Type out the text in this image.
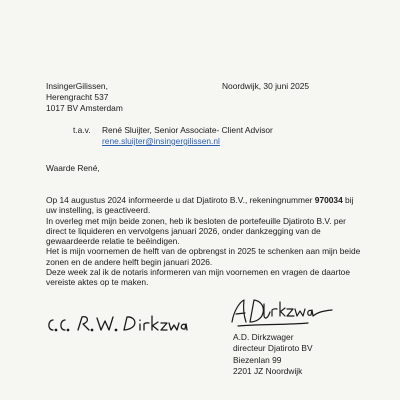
InsingerGilissen,
Herengracht 537
1017 BV Amsterdam
Noordwijk, 30 juni 2025
t.a.v. René Sluijter, Senior Associate- Client Advisor
rene.sluijter@insingergilissen.nl
Waarde René,

Op 14 augustus 2024 informeerde u dat Djatiroto B.V., rekeningnummer 970034 bij uw instelling, is geactiveerd.

In overleg met mijn beide zonen, heb ik besloten de portefeuille Djatiroto B.V. per direct te liquideren en vervolgens januari 2026, onder dankzegging van de gewaardeerde relatie te beëindigen.

Het is mijn voornemen de helft van de opbrengst in 2025 te schenken aan mijn beide zonen en de andere helft begin januari 2026.

Deze week zal ik de notaris informeren van mijn voornemen en vragen de daartoe vereiste aktes op te maken.

A.D. Dirkzwager
directeur Djatiroto BV
Biezenlan 99
2201 JZ Noordwijk
